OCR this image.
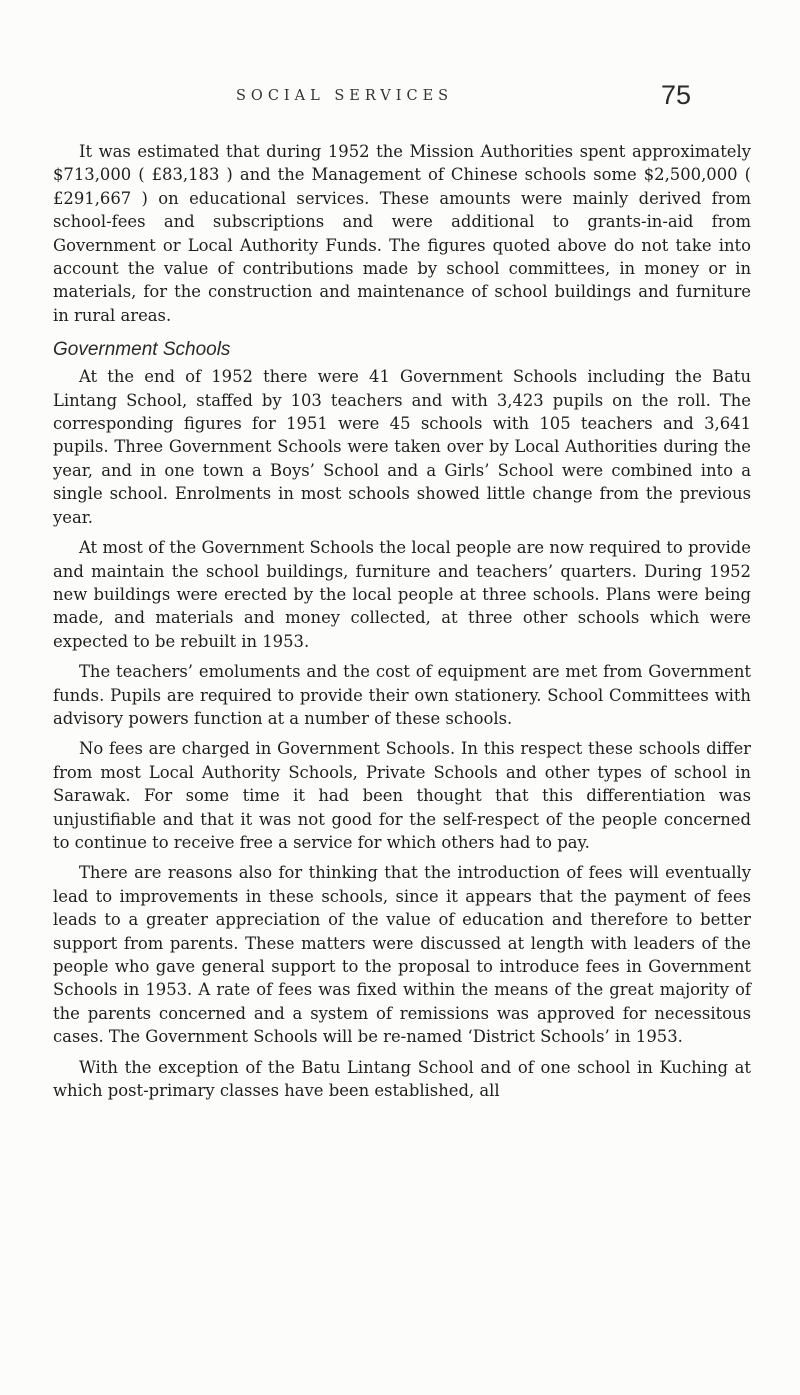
SOCIAL SERVICES	75

It was estimated that during 1952 the Mission Authorities spent approximately $713,000 ( £83,183 ) and the Management of Chinese schools some $2,500,000 ( £291,667 ) on educational services. These amounts were mainly derived from school-fees and subscriptions and were additional to grants-in-aid from Government or Local Authority Funds. The figures quoted above do not take into account the value of contributions made by school committees, in money or in materials, for the construction and maintenance of school buildings and furniture in rural areas.

Government Schools

At the end of 1952 there were 41 Government Schools including the Batu Lintang School, staffed by 103 teachers and with 3,423 pupils on the roll. The corresponding figures for 1951 were 45 schools with 105 teachers and 3,641 pupils. Three Government Schools were taken over by Local Authorities during the year, and in one town a Boys’ School and a Girls’ School were combined into a single school. Enrolments in most schools showed little change from the previous year.

At most of the Government Schools the local people are now required to provide and maintain the school buildings, furniture and teachers’ quarters. During 1952 new buildings were erected by the local people at three schools. Plans were being made, and materials and money collected, at three other schools which were expected to be rebuilt in 1953.

The teachers’ emoluments and the cost of equipment are met from Government funds. Pupils are required to provide their own stationery. School Committees with advisory powers function at a number of these schools.

No fees are charged in Government Schools. In this respect these schools differ from most Local Authority Schools, Private Schools and other types of school in Sarawak. For some time it had been thought that this differentiation was unjustifiable and that it was not good for the self-respect of the people concerned to continue to receive free a service for which others had to pay.

There are reasons also for thinking that the introduction of fees will eventually lead to improvements in these schools, since it appears that the payment of fees leads to a greater appreciation of the value of education and therefore to better support from parents. These matters were discussed at length with leaders of the people who gave general support to the proposal to introduce fees in Government Schools in 1953. A rate of fees was fixed within the means of the great majority of the parents concerned and a system of remissions was approved for necessitous cases. The Government Schools will be re-named ‘District Schools’ in 1953.

With the exception of the Batu Lintang School and of one school in Kuching at which post-primary classes have been established, all
